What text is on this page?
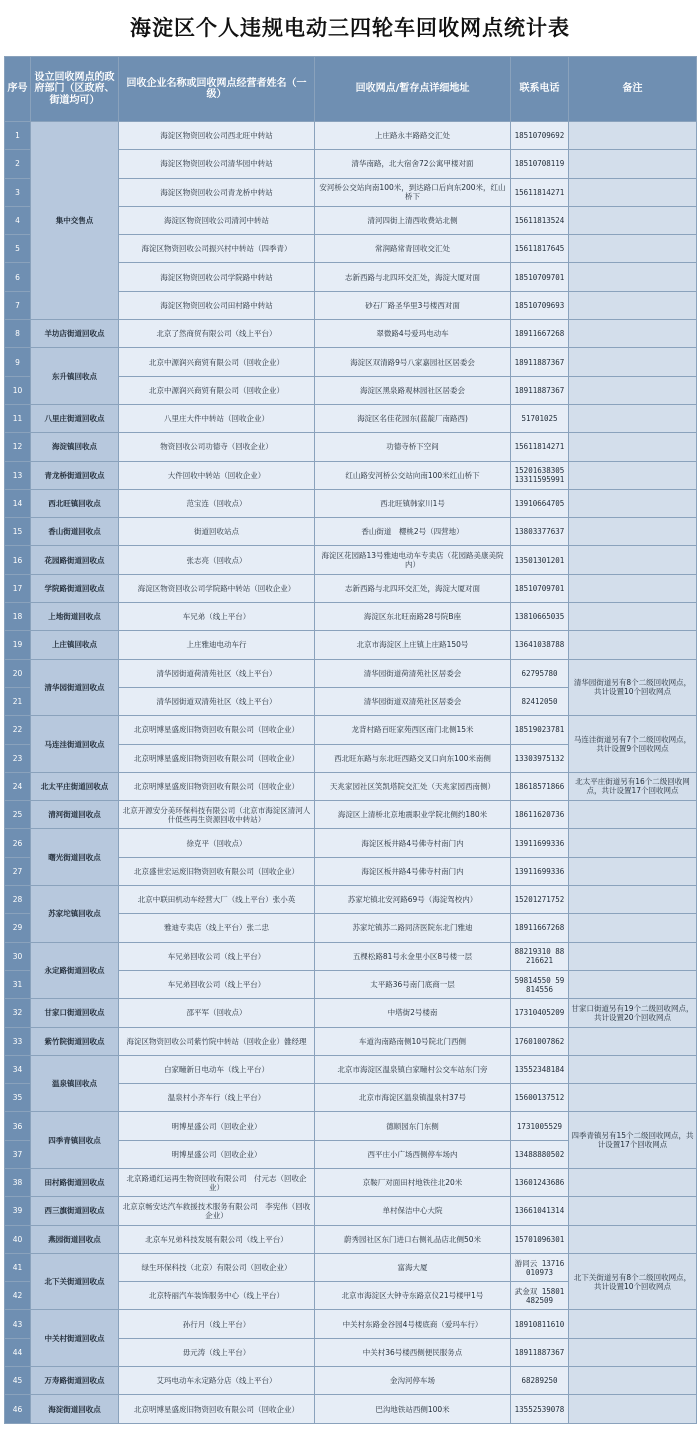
海淀区个人违规电动三四轮车回收网点统计表
序号	设立回收网点的政府部门（区政府、街道均可）	回收企业名称或回收网点经营者姓名（一级）	回收网点/暂存点详细地址	联系电话	备注
1	集中交售点	海淀区物资回收公司西北旺中转站	上庄路永丰路路交汇处	18510709692	
2		海淀区物资回收公司清华园中转站	清华南路，北大宿舍72公寓甲楼对面	18510708119	
3		海淀区物资回收公司青龙桥中转站	安河桥公交站向南100米，到达路口后向东200米，红山桥下	15611814271	
4		海淀区物资回收公司清河中转站	清河四街上清西收费站北侧	15611813524	
5		海淀区物资回收公司振兴村中转站（四季青）	常润路常青回收交汇处	15611817645	
6		海淀区物资回收公司学院路中转站	志新西路与北四环交汇处，海淀大厦对面	18510709701	
7		海淀区物资回收公司田村路中转站	砂石厂路圣华里3号楼西对面	18510709693	
8	羊坊店街道回收点	北京了然商贸有限公司（线上平台）	翠微路4号爱玛电动车	18911667268	
9	东升镇回收点	北京中源润兴商贸有限公司（回收企业）	海淀区双清路9号八家嘉园社区居委会	18911887367	
10		北京中源润兴商贸有限公司（回收企业）	海淀区黑泉路观林园社区居委会	18911887367	
11	八里庄街道回收点	八里庄大件中转站（回收企业）	海淀区名佳花园东(蓝靛厂南路西)	51701025	
12	海淀镇回收点	物资回收公司功德寺（回收企业）	功德寺桥下空间	15611814271	
13	青龙桥街道回收点	大件回收中转站（回收企业）	红山路安河桥公交站向南100米红山桥下	15201638305 13311595991	
14	西北旺镇回收点	范宝连（回收点）	西北旺镇韩家川1号	13910664705	
15	香山街道回收点	街道回收站点	香山街道　櫻桃2号（四营地）	13803377637	
16	花园路街道回收点	张志亮（回收点）	海淀区花园路13号雅迪电动车专卖店（花园路美康美院内）	13501301201	
17	学院路街道回收点	海淀区物资回收公司学院路中转站（回收企业）	志新西路与北四环交汇处，海淀大厦对面	18510709701	
18	上地街道回收点	车兄弟（线上平台）	海淀区东北旺南路28号院B座	13810665035	
19	上庄镇回收点	上庄雅迪电动车行	北京市海淀区上庄镇上庄路150号	13641038788	
20	清华园街道回收点	清华园街道荷清苑社区（线上平台）	清华园街道荷清苑社区居委会	62795780	清华园街道另有8个二级回收网点，共计设置10个回收网点
21		清华园街道双清苑社区（线上平台）	清华园街道双清苑社区居委会	82412050	
22	马连洼街道回收点	北京明博星盛废旧物资回收有限公司（回收企业）	龙背村路百旺家苑西区南门北侧15米	18519023781	马连洼街道另有7个二级回收网点，共计设置9个回收网点
23		北京明博星盛废旧物资回收有限公司（回收企业）	西北旺东路与东北旺西路交叉口向东100米南侧	13303975132	
24	北太平庄街道回收点	北京明博星盛废旧物资回收有限公司（回收企业）	天兆家园社区笑凯塔院交汇处（天兆家园西南侧）	18618571866	北太平庄街道另有16个二级回收网点，共计设置17个回收网点
25	清河街道回收点	北京开源安分美环保科技有限公司（北京市海淀区清河人什低些再生资源回收中转站）	海淀区上清桥北京地震职业学院北侧约180米	18611620736	
26	曙光街道回收点	徐克平（回收点）	海淀区板井路4号佛寺村南门内	13911699336	
27		北京盛世宏运废旧物资回收有限公司（回收企业）	海淀区板井路4号佛寺村南门内	13911699336	
28	苏家坨镇回收点	北京中联田机动车经营大厂（线上平台）张小英	苏家坨镇北安河路69号（海淀驾校内）	15201271752	
29		雅迪专卖店（线上平台）张二忠	苏家坨镇苏二路同济医院东北门雅迪	18911667268	
30	永定路街道回收点	车兄弟回收公司（线上平台）	五棵松路81号永金里小区8号楼一层	88219310 88216621	
31		车兄弟回收公司（线上平台）	太平路36号南门底商一层	59814550 59814556	
32	甘家口街道回收点	邵平军（回收点）	中塔街2号楼南	17310405209	甘家口街道另有19个二级回收网点，共计设置20个回收网点
33	紫竹院街道回收点	海淀区物资回收公司紫竹院中转站（回收企业）雒经理	车道沟南路南侧10号院北门西侧	17601007862	
34	温泉镇回收点	白家疃新日电动车（线上平台）	北京市海淀区温泉镇白家疃村公交车站东门旁	13552348184	
35		温泉村小齐车行（线上平台）	北京市海淀区温泉镇温泉村37号	15600137512	
36	四季青镇回收点	明博星盛公司（回收企业）	德顺园东门东侧	1731005529	四季青镇另有15个二级回收网点，共计设置17个回收网点
37		明博星盛公司（回收企业）	西平庄小广场西侧停车场内	13488880502	
38	田村路街道回收点	北京路通红运再生物资回收有限公司　付元志（回收企业）	京鞍厂对面田村地铁往北20米	13601243686	
39	西三旗街道回收点	北京京畅安达汽车救援技术服务有限公司　李宪伟（回收企业）	单村保洁中心大院	13661041314	
40	燕园街道回收点	北京车兄弟科技发展有限公司（线上平台）	蔚秀园社区东门进口右侧礼品店北侧50米	15701096301	
41	北下关街道回收点	绿生环保科技（北京）有限公司（回收企业）	富海大厦	游同云 13716010973	北下关街道另有8个二级回收网点，共计设置10个回收网点
42		北京特丽汽车装饰服务中心（线上平台）	北京市海淀区大钟寺东路京仪21号楼甲1号	武金双 15801482509	
43	中关村街道回收点	孙行月（线上平台）	中关村东路金谷园4号楼底商（爱玛车行）	18910811610	
44		毋元涛（线上平台）	中关村36号楼西侧便民服务点	18911887367	
45	万寿路街道回收点	艾玛电动车永定路分店（线上平台）	金沟河停车场	68289250	
46	海淀街道回收点	北京明博星盛废旧物资回收有限公司（回收企业）	巴沟地铁站西侧100米	13552539078	
